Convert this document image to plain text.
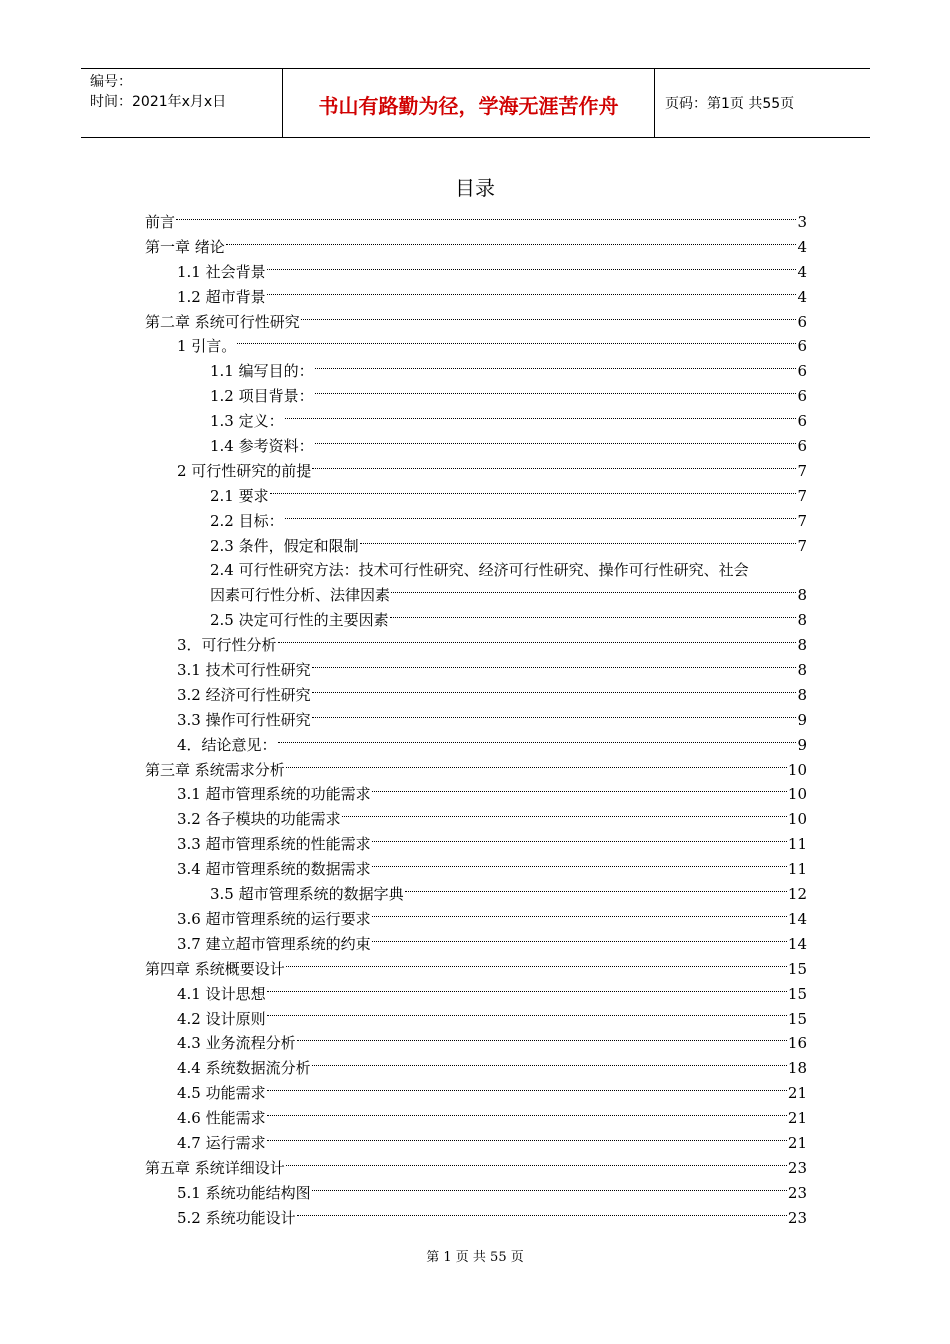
编号：
时间：2021年x月x日	书山有路勤为径，学海无涯苦作舟	页码：第1页 共55页
目录
前言	3
第一章 绪论	4
1.1 社会背景	4
1.2 超市背景	4
第二章 系统可行性研究	6
1 引言。	6
1.1 编写目的：	6
1.2 项目背景：	6
1.3 定义：	6
1.4 参考资料：	6
2 可行性研究的前提	7
2.1 要求	7
2.2 目标：	7
2.3 条件，假定和限制	7
2.4 可行性研究方法：技术可行性研究、经济可行性研究、操作可行性研究、社会
因素可行性分析、法律因素	8
2.5 决定可行性的主要因素	8
3．可行性分析	8
3.1 技术可行性研究	8
3.2 经济可行性研究	8
3.3 操作可行性研究	9
4．结论意见：	9
第三章 系统需求分析	10
3.1 超市管理系统的功能需求	10
3.2 各子模块的功能需求	10
3.3 超市管理系统的性能需求	11
3.4 超市管理系统的数据需求	11
3.5 超市管理系统的数据字典	12
3.6 超市管理系统的运行要求	14
3.7 建立超市管理系统的约束	14
第四章 系统概要设计	15
4.1 设计思想	15
4.2 设计原则	15
4.3 业务流程分析	16
4.4 系统数据流分析	18
4.5 功能需求	21
4.6 性能需求	21
4.7 运行需求	21
第五章 系统详细设计	23
5.1 系统功能结构图	23
5.2 系统功能设计	23
第 1 页 共 55 页
